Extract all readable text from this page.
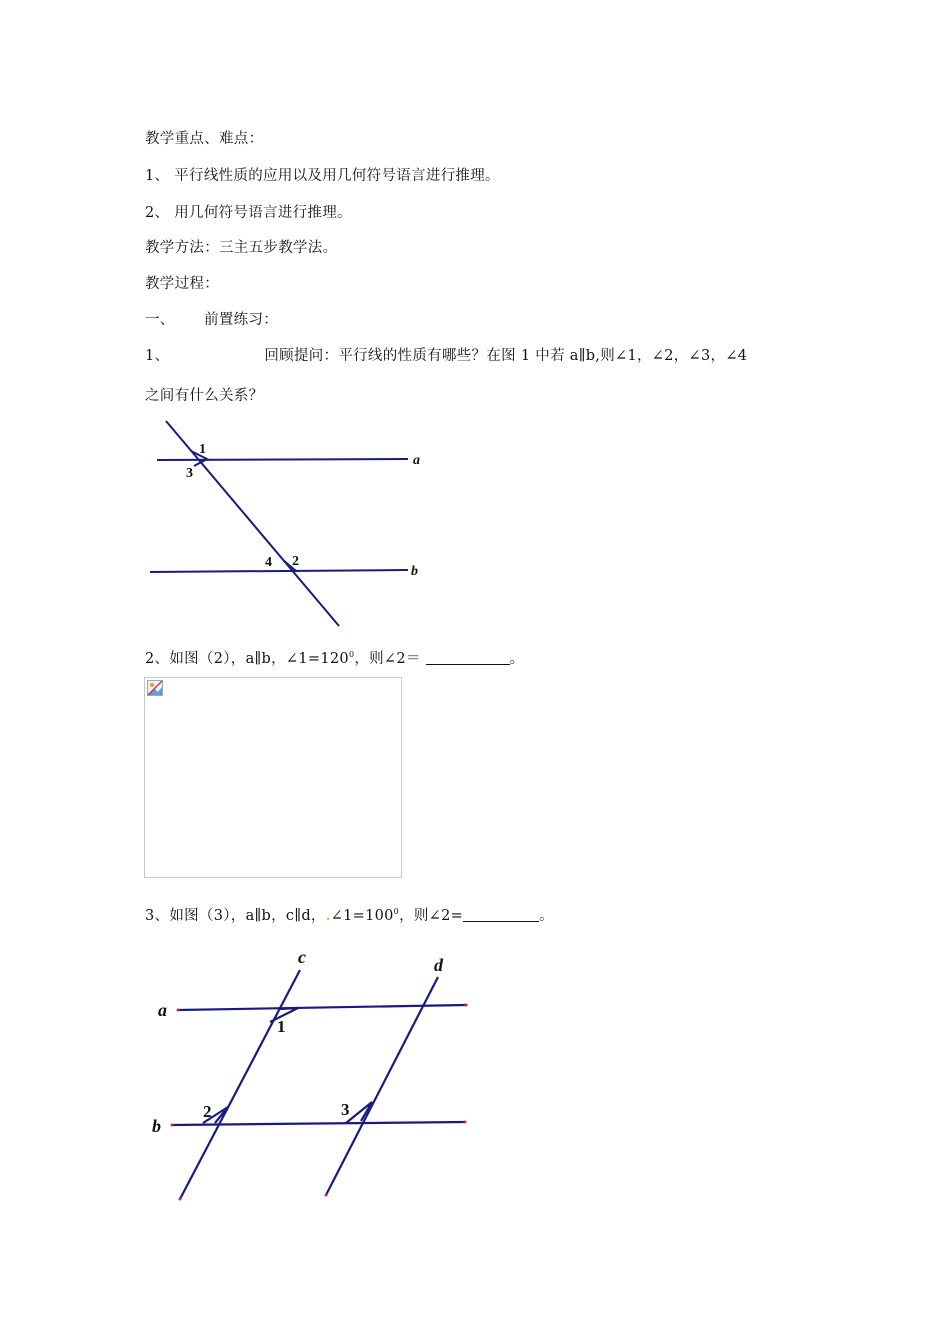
教学重点、难点：
1、 平行线性质的应用以及用几何符号语言进行推理。
2、 用几何符号语言进行推理。
教学方法：三主五步教学法。
教学过程：
一、      前置练习：
1、	回顾提问：平行线的性质有哪些？在图 1 中若 a∥b,则∠1，∠2，∠3，∠4
之间有什么关系？
1
3
4 2
a
b
2、如图（2），a∥b，$\angle 1=120^0$，则∠2＝	。
3、如图（3），a∥b，c∥d，$.\angle 1=100^0$，则∠2=	。
c	d
a
b
1
2	3
